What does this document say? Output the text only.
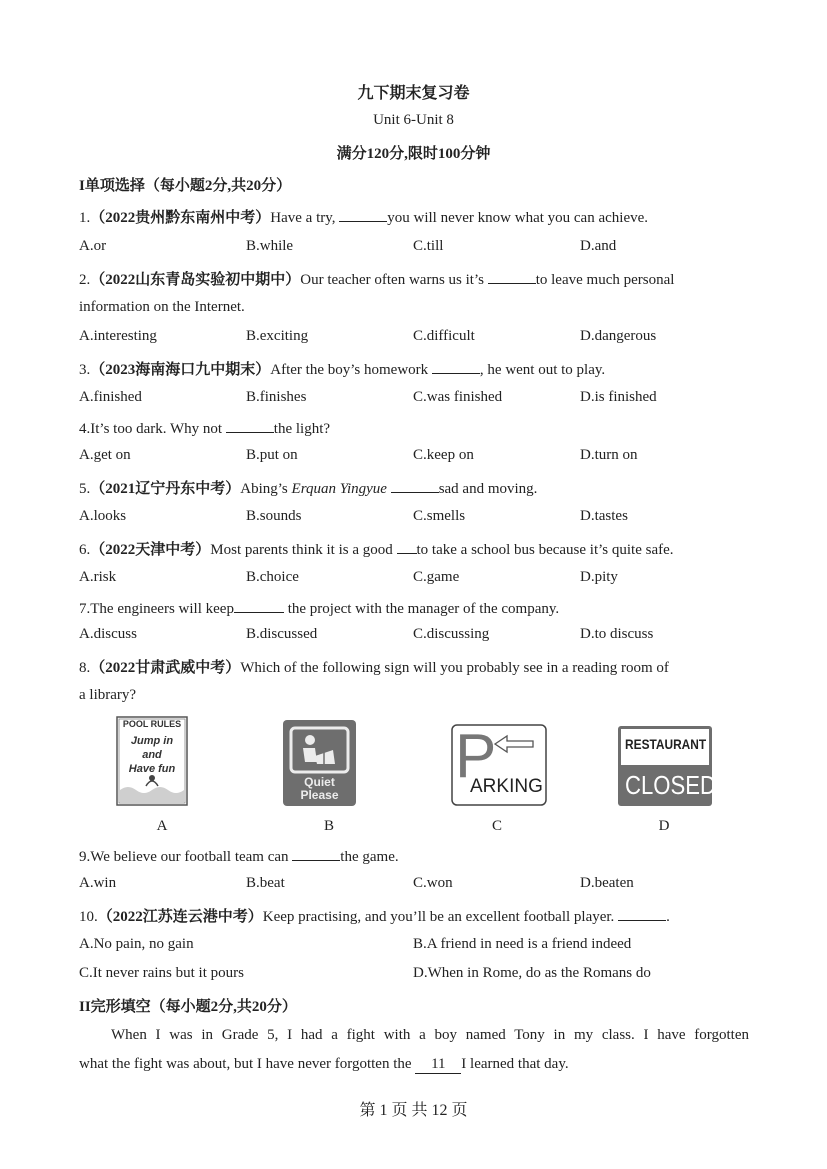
九下期末复习卷
Unit 6-Unit 8
满分120分,限时100分钟
I单项选择（每小题2分,共20分）
1.（2022贵州黔东南州中考）Have a try,	you will never know what you can achieve.
A.or	B.while	C.till	D.and
2.（2022山东青岛实验初中期中）Our teacher often warns us it’s	to leave much personal
information on the Internet.
A.interesting	B.exciting	C.difficult	D.dangerous
3.（2023海南海口九中期末）After the boy’s homework	, he went out to play.
A.finished	B.finishes	C.was finished	D.is finished
4.It’s too dark. Why not	the light?
A.get on	B.put on	C.keep on	D.turn on
5.（2021辽宁丹东中考）Abing’s Erquan Yingyue	sad and moving.
A.looks	B.sounds	C.smells	D.tastes
6.（2022天津中考）Most parents think it is a good to take a school bus because it’s quite safe.
A.risk	B.choice	C.game	D.pity
7.The engineers will keep	the project with the manager of the company.
A.discuss	B.discussed	C.discussing	D.to discuss
8.（2022甘肃武威中考）Which of the following sign will you probably see in a reading room of
a library?
POOL RULES
Jump in
and
Have fun
A
Quiet
Please
B
P
ARKING
C
RESTAURANT
CLOSED
D
9.We believe our football team can	the game.
A.win	B.beat	C.won	D.beaten
10.（2022江苏连云港中考）Keep practising, and you’ll be an excellent football player.	.
A.No pain, no gain	B.A friend in need is a friend indeed
C.It never rains but it pours	D.When in Rome, do as the Romans do
II完形填空（每小题2分,共20分）
When I was in Grade 5, I had a fight with a boy named Tony in my class. I have forgotten
what the fight was about, but I have never forgotten the 11 I learned that day.
第 1 页 共 12 页
